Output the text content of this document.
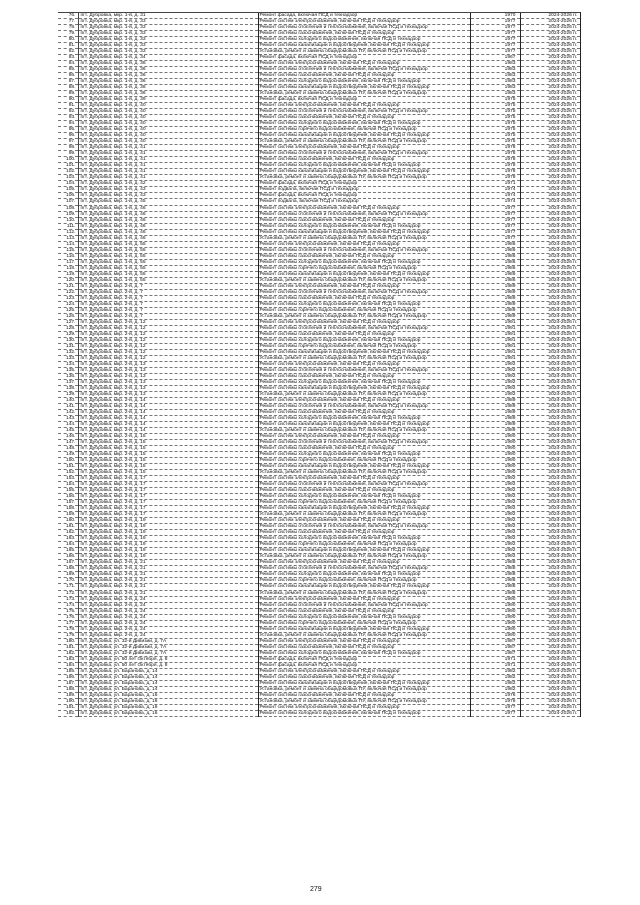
76.	пгт. Дубровка, мкр. 1-й, д. 31	Ремонт фасада, включая ПСД и технадзор	1970	2024-2026 гг.
77.	пгт. Дубровка, мкр. 1-й, д. 33	Ремонт систем электроснабжения, включая ПСД и технадзор	1977	2024-2026 гг.
78.	пгт. Дубровка, мкр. 1-й, д. 33	Ремонт системы отопления и теплоснабжения, включая ПСД и технадзор	1977	2024-2026 гг.
79.	пгт. Дубровка, мкр. 1-й, д. 33	Ремонт системы газоснабжения, включая ПСД и технадзор	1977	2024-2026 гг.
80.	пгт. Дубровка, мкр. 1-й, д. 33	Ремонт системы холодного водоснабжения, включая ПСД и технадзор	1977	2024-2026 гг.
81.	пгт. Дубровка, мкр. 1-й, д. 33	Ремонт системы канализации и водоотведения, включая ПСД и технадзор	1977	2024-2026 гг.
82.	пгт. Дубровка, мкр. 1-й, д. 33	Установка, ремонт и замена общедомовых ПУ, включая ПСД и технадзор	1977	2024-2026 гг.
83.	пгт. Дубровка, мкр. 1-й, д. 34	Ремонт фасада, включая ПСД и технадзор	1967	2024-2026 гг.
84.	пгт. Дубровка, мкр. 1-й, д. 36	Ремонт систем электроснабжения, включая ПСД и технадзор	1983	2024-2026 гг.
85.	пгт. Дубровка, мкр. 1-й, д. 36	Ремонт системы отопления и теплоснабжения, включая ПСД и технадзор	1983	2024-2026 гг.
86.	пгт. Дубровка, мкр. 1-й, д. 36	Ремонт системы газоснабжения, включая ПСД и технадзор	1983	2024-2026 гг.
87.	пгт. Дубровка, мкр. 1-й, д. 36	Ремонт системы холодного водоснабжения, включая ПСД и технадзор	1983	2024-2026 гг.
88.	пгт. Дубровка, мкр. 1-й, д. 36	Ремонт системы канализации и водоотведения, включая ПСД и технадзор	1983	2024-2026 гг.
89.	пгт. Дубровка, мкр. 1-й, д. 36	Установка, ремонт и замена общедомовых ПУ, включая ПСД и технадзор	1983	2024-2026 гг.
90.	пгт. Дубровка, мкр. 1-й, д. 39	Ремонт фасада, включая ПСД и технадзор	1975	2024-2026 гг.
91.	пгт. Дубровка, мкр. 1-й, д. 40	Ремонт систем электроснабжения, включая ПСД и технадзор	1975	2024-2026 гг.
92.	пгт. Дубровка, мкр. 1-й, д. 40	Ремонт системы отопления и теплоснабжения, включая ПСД и технадзор	1975	2024-2026 гг.
93.	пгт. Дубровка, мкр. 1-й, д. 40	Ремонт системы газоснабжения, включая ПСД и технадзор	1975	2024-2026 гг.
94.	пгт. Дубровка, мкр. 1-й, д. 40	Ремонт системы холодного водоснабжения, включая ПСД и технадзор	1975	2024-2026 гг.
95.	пгт. Дубровка, мкр. 1-й, д. 40	Ремонт системы горячего водоснабжения, включая ПСД и технадзор	1975	2024-2026 гг.
96.	пгт. Дубровка, мкр. 1-й, д. 40	Ремонт системы канализации и водоотведения, включая ПСД и технадзор	1975	2024-2026 гг.
97.	пгт. Дубровка, мкр. 1-й, д. 40	Установка, ремонт и замена общедомовых ПУ, включая ПСД и технадзор	1975	2024-2026 гг.
98.	пгт. Дубровка, мкр. 1-й, д. 41	Ремонт систем электроснабжения, включая ПСД и технадзор	1978	2024-2026 гг.
99.	пгт. Дубровка, мкр. 1-й, д. 41	Ремонт системы отопления и теплоснабжения, включая ПСД и технадзор	1978	2024-2026 гг.
100.	пгт. Дубровка, мкр. 1-й, д. 41	Ремонт системы газоснабжения, включая ПСД и технадзор	1978	2024-2026 гг.
101.	пгт. Дубровка, мкр. 1-й, д. 41	Ремонт системы холодного водоснабжения, включая ПСД и технадзор	1978	2024-2026 гг.
102.	пгт. Дубровка, мкр. 1-й, д. 41	Ремонт системы канализации и водоотведения, включая ПСД и технадзор	1978	2024-2026 гг.
103.	пгт. Дубровка, мкр. 1-й, д. 41	Установка, ремонт и замена общедомовых ПУ, включая ПСД и технадзор	1978	2024-2026 гг.
104.	пгт. Дубровка, мкр. 1-й, д. 42	Ремонт фасада, включая ПСД и технадзор	1971	2024-2026 гг.
105.	пгт. Дубровка, мкр. 1-й, д. 43	Ремонт подвала, включая ПСД и технадзор	1974	2024-2026 гг.
106.	пгт. Дубровка, мкр. 1-й, д. 43	Ремонт фасада, включая ПСД и технадзор	1974	2024-2026 гг.
107.	пгт. Дубровка, мкр. 1-й, д. 45	Ремонт подвала, включая ПСД и технадзор	1974	2024-2026 гг.
108.	пгт. Дубровка, мкр. 1-й, д. 46	Ремонт систем электроснабжения, включая ПСД и технадзор	1977	2024-2026 гг.
109.	пгт. Дубровка, мкр. 1-й, д. 46	Ремонт системы отопления и теплоснабжения, включая ПСД и технадзор	1977	2024-2026 гг.
110.	пгт. Дубровка, мкр. 1-й, д. 46	Ремонт системы газоснабжения, включая ПСД и технадзор	1977	2024-2026 гг.
111.	пгт. Дубровка, мкр. 1-й, д. 46	Ремонт системы холодного водоснабжения, включая ПСД и технадзор	1977	2024-2026 гг.
112.	пгт. Дубровка, мкр. 1-й, д. 46	Ремонт системы канализации и водоотведения, включая ПСД и технадзор	1977	2024-2026 гг.
113.	пгт. Дубровка, мкр. 1-й, д. 46	Установка, ремонт и замена общедомовых ПУ, включая ПСД и технадзор	1977	2024-2026 гг.
114.	пгт. Дубровка, мкр. 1-й, д. 55	Ремонт систем электроснабжения, включая ПСД и технадзор	1986	2024-2026 гг.
115.	пгт. Дубровка, мкр. 1-й, д. 55	Ремонт системы отопления и теплоснабжения, включая ПСД и технадзор	1986	2024-2026 гг.
116.	пгт. Дубровка, мкр. 1-й, д. 55	Ремонт системы газоснабжения, включая ПСД и технадзор	1986	2024-2026 гг.
117.	пгт. Дубровка, мкр. 1-й, д. 55	Ремонт системы холодного водоснабжения, включая ПСД и технадзор	1986	2024-2026 гг.
118.	пгт. Дубровка, мкр. 1-й, д. 55	Ремонт системы горячего водоснабжения, включая ПСД и технадзор	1986	2024-2026 гг.
119.	пгт. Дубровка, мкр. 1-й, д. 55	Ремонт системы канализации и водоотведения, включая ПСД и технадзор	1986	2024-2026 гг.
120.	пгт. Дубровка, мкр. 1-й, д. 55	Установка, ремонт и замена общедомовых ПУ, включая ПСД и технадзор	1986	2024-2026 гг.
121.	пгт. Дубровка, мкр. 2-й, д. 7	Ремонт систем электроснабжения, включая ПСД и технадзор	1989	2024-2026 гг.
122.	пгт. Дубровка, мкр. 2-й, д. 7	Ремонт системы отопления и теплоснабжения, включая ПСД и технадзор	1989	2024-2026 гг.
123.	пгт. Дубровка, мкр. 2-й, д. 7	Ремонт системы газоснабжения, включая ПСД и технадзор	1989	2024-2026 гг.
124.	пгт. Дубровка, мкр. 2-й, д. 7	Ремонт системы холодного водоснабжения, включая ПСД и технадзор	1989	2024-2026 гг.
125.	пгт. Дубровка, мкр. 2-й, д. 7	Ремонт системы горячего водоснабжения, включая ПСД и технадзор	1989	2024-2026 гг.
126.	пгт. Дубровка, мкр. 2-й, д. 7	Установка, ремонт и замена общедомовых ПУ, включая ПСД и технадзор	1989	2024-2026 гг.
127.	пгт. Дубровка, мкр. 2-й, д. 12	Ремонт систем электроснабжения, включая ПСД и технадзор	1991	2024-2026 гг.
128.	пгт. Дубровка, мкр. 2-й, д. 12	Ремонт системы отопления и теплоснабжения, включая ПСД и технадзор	1991	2024-2026 гг.
129.	пгт. Дубровка, мкр. 2-й, д. 12	Ремонт системы газоснабжения, включая ПСД и технадзор	1991	2024-2026 гг.
130.	пгт. Дубровка, мкр. 2-й, д. 12	Ремонт системы холодного водоснабжения, включая ПСД и технадзор	1991	2024-2026 гг.
131.	пгт. Дубровка, мкр. 2-й, д. 12	Ремонт системы горячего водоснабжения, включая ПСД и технадзор	1991	2024-2026 гг.
132.	пгт. Дубровка, мкр. 2-й, д. 12	Ремонт системы канализации и водоотведения, включая ПСД и технадзор	1991	2024-2026 гг.
133.	пгт. Дубровка, мкр. 2-й, д. 12	Установка, ремонт и замена общедомовых ПУ, включая ПСД и технадзор	1991	2024-2026 гг.
134.	пгт. Дубровка, мкр. 2-й, д. 13	Ремонт систем электроснабжения, включая ПСД и технадзор	1992	2024-2026 гг.
135.	пгт. Дубровка, мкр. 2-й, д. 13	Ремонт системы отопления и теплоснабжения, включая ПСД и технадзор	1992	2024-2026 гг.
136.	пгт. Дубровка, мкр. 2-й, д. 13	Ремонт системы газоснабжения, включая ПСД и технадзор	1992	2024-2026 гг.
137.	пгт. Дубровка, мкр. 2-й, д. 13	Ремонт системы холодного водоснабжения, включая ПСД и технадзор	1992	2024-2026 гг.
138.	пгт. Дубровка, мкр. 2-й, д. 13	Ремонт системы канализации и водоотведения, включая ПСД и технадзор	1992	2024-2026 гг.
139.	пгт. Дубровка, мкр. 2-й, д. 13	Установка, ремонт и замена общедомовых ПУ, включая ПСД и технадзор	1992	2024-2026 гг.
140.	пгт. Дубровка, мкр. 2-й, д. 14	Ремонт систем электроснабжения, включая ПСД и технадзор	1989	2024-2026 гг.
141.	пгт. Дубровка, мкр. 2-й, д. 14	Ремонт системы отопления и теплоснабжения, включая ПСД и технадзор	1989	2024-2026 гг.
142.	пгт. Дубровка, мкр. 2-й, д. 14	Ремонт системы газоснабжения, включая ПСД и технадзор	1989	2024-2026 гг.
143.	пгт. Дубровка, мкр. 2-й, д. 14	Ремонт системы холодного водоснабжения, включая ПСД и технадзор	1989	2024-2026 гг.
144.	пгт. Дубровка, мкр. 2-й, д. 14	Ремонт системы канализации и водоотведения, включая ПСД и технадзор	1989	2024-2026 гг.
145.	пгт. Дубровка, мкр. 2-й, д. 14	Установка, ремонт и замена общедомовых ПУ, включая ПСД и технадзор	1989	2024-2026 гг.
146.	пгт. Дубровка, мкр. 2-й, д. 15	Ремонт систем электроснабжения, включая ПСД и технадзор	1990	2024-2026 гг.
147.	пгт. Дубровка, мкр. 2-й, д. 15	Ремонт системы отопления и теплоснабжения, включая ПСД и технадзор	1990	2024-2026 гг.
148.	пгт. Дубровка, мкр. 2-й, д. 15	Ремонт системы газоснабжения, включая ПСД и технадзор	1990	2024-2026 гг.
149.	пгт. Дубровка, мкр. 2-й, д. 15	Ремонт системы холодного водоснабжения, включая ПСД и технадзор	1990	2024-2026 гг.
150.	пгт. Дубровка, мкр. 2-й, д. 15	Ремонт системы горячего водоснабжения, включая ПСД и технадзор	1990	2024-2026 гг.
151.	пгт. Дубровка, мкр. 2-й, д. 15	Ремонт системы канализации и водоотведения, включая ПСД и технадзор	1990	2024-2026 гг.
152.	пгт. Дубровка, мкр. 2-й, д. 15	Установка, ремонт и замена общедомовых ПУ, включая ПСД и технадзор	1990	2024-2026 гг.
153.	пгт. Дубровка, мкр. 2-й, д. 17	Ремонт систем электроснабжения, включая ПСД и технадзор	1992	2024-2026 гг.
154.	пгт. Дубровка, мкр. 2-й, д. 17	Ремонт системы отопления и теплоснабжения, включая ПСД и технадзор	1992	2024-2026 гг.
155.	пгт. Дубровка, мкр. 2-й, д. 17	Ремонт системы газоснабжения, включая ПСД и технадзор	1992	2024-2026 гг.
156.	пгт. Дубровка, мкр. 2-й, д. 17	Ремонт системы холодного водоснабжения, включая ПСД и технадзор	1992	2024-2026 гг.
157.	пгт. Дубровка, мкр. 2-й, д. 17	Ремонт системы горячего водоснабжения, включая ПСД и технадзор	1992	2024-2026 гг.
158.	пгт. Дубровка, мкр. 2-й, д. 17	Ремонт системы канализации и водоотведения, включая ПСД и технадзор	1992	2024-2026 гг.
159.	пгт. Дубровка, мкр. 2-й, д. 17	Установка, ремонт и замена общедомовых ПУ, включая ПСД и технадзор	1992	2024-2026 гг.
160.	пгт. Дубровка, мкр. 2-й, д. 19	Ремонт систем электроснабжения, включая ПСД и технадзор	1992	2024-2026 гг.
161.	пгт. Дубровка, мкр. 2-й, д. 19	Ремонт системы отопления и теплоснабжения, включая ПСД и технадзор	1992	2024-2026 гг.
162.	пгт. Дубровка, мкр. 2-й, д. 19	Ремонт системы газоснабжения, включая ПСД и технадзор	1992	2024-2026 гг.
163.	пгт. Дубровка, мкр. 2-й, д. 19	Ремонт системы холодного водоснабжения, включая ПСД и технадзор	1992	2024-2026 гг.
164.	пгт. Дубровка, мкр. 2-й, д. 19	Ремонт системы горячего водоснабжения, включая ПСД и технадзор	1992	2024-2026 гг.
165.	пгт. Дубровка, мкр. 2-й, д. 19	Ремонт системы канализации и водоотведения, включая ПСД и технадзор	1992	2024-2026 гг.
166.	пгт. Дубровка, мкр. 2-й, д. 19	Установка, ремонт и замена общедомовых ПУ, включая ПСД и технадзор	1992	2024-2026 гг.
167.	пгт. Дубровка, мкр. 2-й, д. 21	Ремонт систем электроснабжения, включая ПСД и технадзор	1988	2024-2026 гг.
168.	пгт. Дубровка, мкр. 2-й, д. 21	Ремонт системы отопления и теплоснабжения, включая ПСД и технадзор	1988	2024-2026 гг.
169.	пгт. Дубровка, мкр. 2-й, д. 21	Ремонт системы холодного водоснабжения, включая ПСД и технадзор	1988	2024-2026 гг.
170.	пгт. Дубровка, мкр. 2-й, д. 21	Ремонт системы горячего водоснабжения, включая ПСД и технадзор	1988	2024-2026 гг.
171.	пгт. Дубровка, мкр. 2-й, д. 21	Ремонт системы канализации и водоотведения, включая ПСД и технадзор	1988	2024-2026 гг.
172.	пгт. Дубровка, мкр. 2-й, д. 21	Установка, ремонт и замена общедомовых ПУ, включая ПСД и технадзор	1988	2024-2026 гг.
173.	пгт. Дубровка, мкр. 2-й, д. 24	Ремонт систем электроснабжения, включая ПСД и технадзор	1990	2024-2026 гг.
174.	пгт. Дубровка, мкр. 2-й, д. 24	Ремонт системы отопления и теплоснабжения, включая ПСД и технадзор	1990	2024-2026 гг.
175.	пгт. Дубровка, мкр. 2-й, д. 24	Ремонт системы газоснабжения, включая ПСД и технадзор	1990	2024-2026 гг.
176.	пгт. Дубровка, мкр. 2-й, д. 24	Ремонт системы холодного водоснабжения, включая ПСД и технадзор	1990	2024-2026 гг.
177.	пгт. Дубровка, мкр. 2-й, д. 24	Ремонт системы горячего водоснабжения, включая ПСД и технадзор	1990	2024-2026 гг.
178.	пгт. Дубровка, мкр. 2-й, д. 24	Ремонт системы канализации и водоотведения, включая ПСД и технадзор	1990	2024-2026 гг.
179.	пгт. Дубровка, мкр. 2-й, д. 24	Установка, ремонт и замена общедомовых ПУ, включая ПСД и технадзор	1990	2024-2026 гг.
180.	пгт. Дубровка, ул. 32-й Дивизии, д. 7А	Ремонт систем электроснабжения, включая ПСД и технадзор	1987	2024-2026 гг.
181.	пгт. Дубровка, ул. 32-й Дивизии, д. 7А	Ремонт системы газоснабжения, включая ПСД и технадзор	1987	2024-2026 гг.
182.	пгт. Дубровка, ул. 32-й Дивизии, д. 7А	Ремонт системы холодного водоснабжения, включая ПСД и технадзор	1987	2024-2026 гг.
183.	пгт. Дубровка, ул. 50 лет Октября, д. 8	Ремонт фасада, включая ПСД и технадзор	1971	2024-2026 гг.
184.	пгт. Дубровка, ул. 50 лет Октября, д. 8	Ремонт фасада, включая ПСД и технадзор	1971	2024-2026 гг.
185.	пгт. Дубровка, ул. Баранова, д. 14	Ремонт систем электроснабжения, включая ПСД и технадзор	1982	2024-2026 гг.
186.	пгт. Дубровка, ул. Баранова, д. 14	Ремонт системы газоснабжения, включая ПСД и технадзор	1982	2024-2026 гг.
187.	пгт. Дубровка, ул. Баранова, д. 14	Ремонт системы канализации и водоотведения, включая ПСД и технадзор	1982	2024-2026 гг.
188.	пгт. Дубровка, ул. Баранова, д. 14	Установка, ремонт и замена общедомовых ПУ, включая ПСД и технадзор	1982	2024-2026 гг.
189.	пгт. Дубровка, ул. Баранова, д. 16	Ремонт системы газоснабжения, включая ПСД и технадзор	1976	2024-2026 гг.
190.	пгт. Дубровка, ул. Баранова, д. 16	Установка, ремонт и замена общедомовых ПУ, включая ПСД и технадзор	1976	2024-2026 гг.
191.	пгт. Дубровка, ул. Баранова, д. 16	Ремонт систем электроснабжения, включая ПСД и технадзор	1977	2024-2026 гг.
192.	пгт. Дубровка, ул. Баранова, д. 16	Ремонт системы холодного водоснабжения, включая ПСД и технадзор	1977	2024-2026 гг.
279
